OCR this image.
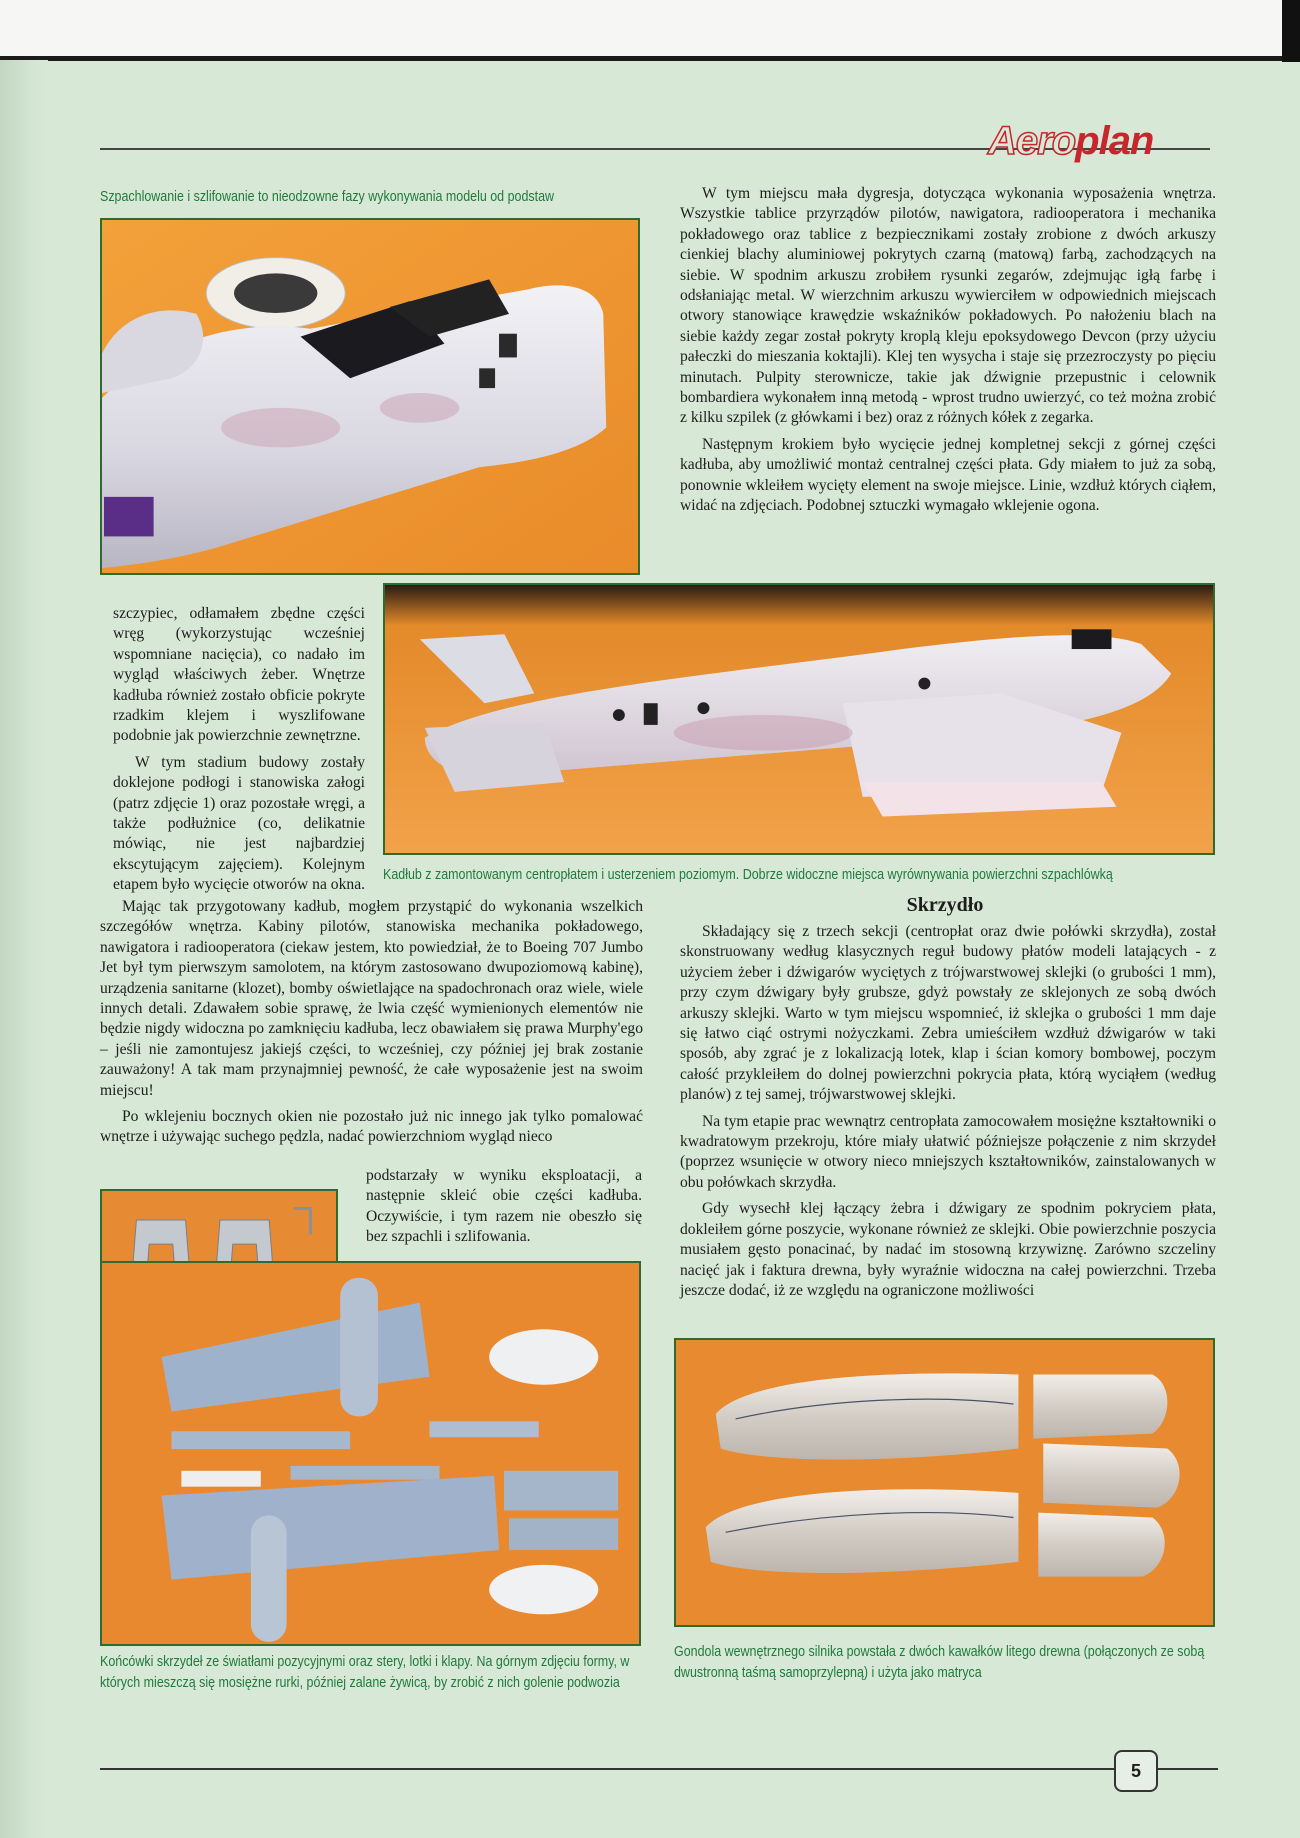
Aeroplan
Szpachlowanie i szlifowanie to nieodzowne fazy wykonywania modelu od podstaw	W tym miejscu mała dygresja, dotycząca wykonania wyposażenia wnętrza. Wszystkie tablice przyrządów pilotów, nawigatora, radiooperatora i mechanika pokładowego oraz tablice z bezpiecznikami zostały zrobione z dwóch arkuszy cienkiej blachy aluminiowej pokrytych czarną (matową) farbą, zachodzących na siebie. W spodnim arkuszu zrobiłem rysunki zegarów, zdejmując igłą farbę i odsłaniając metal. W wierzchnim arkuszu wywierciłem w odpowiednich miejscach otwory stanowiące krawędzie wskaźników pokładowych. Po nałożeniu blach na siebie każdy zegar został pokryty kroplą kleju epoksydowego Devcon (przy użyciu pałeczki do mieszania koktajli). Klej ten wysycha i staje się przezroczysty po pięciu minutach. Pulpity sterownicze, takie jak dźwignie przepustnic i celownik bombardiera wykonałem inną metodą - wprost trudno uwierzyć, co też można zrobić z kilku szpilek (z główkami i bez) oraz z różnych kółek z zegarka.

Następnym krokiem było wycięcie jednej kompletnej sekcji z górnej części kadłuba, aby umożliwić montaż centralnej części płata. Gdy miałem to już za sobą, ponownie wkleiłem wycięty element na swoje miejsce. Linie, wzdłuż których ciąłem, widać na zdjęciach. Podobnej sztuczki wymagało wklejenie ogona.

szczypiec, odłamałem zbędne części wręg (wykorzystując wcześniej wspomniane nacięcia), co nadało im wygląd właściwych żeber. Wnętrze kadłuba również zostało obficie pokryte rzadkim klejem i wyszlifowane podobnie jak powierzchnie zewnętrzne.

W tym stadium budowy zostały doklejone podłogi i stanowiska załogi (patrz zdjęcie 1) oraz pozostałe wręgi, a także podłużnice (co, delikatnie mówiąc, nie jest najbardziej ekscytującym zajęciem). Kolejnym etapem było wycięcie otworów na okna.

Kadłub z zamontowanym centropłatem i usterzeniem poziomym. Dobrze widoczne miejsca wyrównywania powierzchni szpachlówką

Mając tak przygotowany kadłub, mogłem przystąpić do wykonania wszelkich szczegółów wnętrza. Kabiny pilotów, stanowiska mechanika pokładowego, nawigatora i radiooperatora (ciekaw jestem, kto powiedział, że to Boeing 707 Jumbo Jet był tym pierwszym samolotem, na którym zastosowano dwupoziomową kabinę), urządzenia sanitarne (klozet), bomby oświetlające na spadochronach oraz wiele, wiele innych detali. Zdawałem sobie sprawę, że lwia część wymienionych elementów nie będzie nigdy widoczna po zamknięciu kadłuba, lecz obawiałem się prawa Murphy'ego – jeśli nie zamontujesz jakiejś części, to wcześniej, czy później jej brak zostanie zauważony! A tak mam przynajmniej pewność, że całe wyposażenie jest na swoim miejscu!

Po wklejeniu bocznych okien nie pozostało już nic innego jak tylko pomalować wnętrze i używając suchego pędzla, nadać powierzchniom wygląd nieco

podstarzały w wyniku eksploatacji, a następnie skleić obie części kadłuba. Oczywiście, i tym razem nie obeszło się bez szpachli i szlifowania.
Końcówki skrzydeł ze światłami pozycyjnymi oraz stery, lotki i klapy. Na górnym zdjęciu formy, w których mieszczą się mosiężne rurki, później zalane żywicą, by zrobić z nich golenie podwozia
Skrzydło

Składający się z trzech sekcji (centropłat oraz dwie połówki skrzydła), został skonstruowany według klasycznych reguł budowy płatów modeli latających - z użyciem żeber i dźwigarów wyciętych z trójwarstwowej sklejki (o grubości 1 mm), przy czym dźwigary były grubsze, gdyż powstały ze sklejonych ze sobą dwóch arkuszy sklejki. Warto w tym miejscu wspomnieć, iż sklejka o grubości 1 mm daje się łatwo ciąć ostrymi nożyczkami. Zebra umieściłem wzdłuż dźwigarów w taki sposób, aby zgrać je z lokalizacją lotek, klap i ścian komory bombowej, poczym całość przykleiłem do dolnej powierzchni pokrycia płata, którą wyciąłem (według planów) z tej samej, trójwarstwowej sklejki.

Na tym etapie prac wewnątrz centropłata zamocowałem mosiężne kształtowniki o kwadratowym przekroju, które miały ułatwić późniejsze połączenie z nim skrzydeł (poprzez wsunięcie w otwory nieco mniejszych kształtowników, zainstalowanych w obu połówkach skrzydła.

Gdy wysechł klej łączący żebra i dźwigary ze spodnim pokryciem płata, dokleiłem górne poszycie, wykonane również ze sklejki. Obie powierzchnie poszycia musiałem gęsto ponacinać, by nadać im stosowną krzywiznę. Zarówno szczeliny nacięć jak i faktura drewna, były wyraźnie widoczna na całej powierzchni. Trzeba jeszcze dodać, iż ze względu na ograniczone możliwości

Gondola wewnętrznego silnika powstała z dwóch kawałków litego drewna (połączonych ze sobą dwustronną taśmą samoprzylepną) i użyta jako matryca
5
